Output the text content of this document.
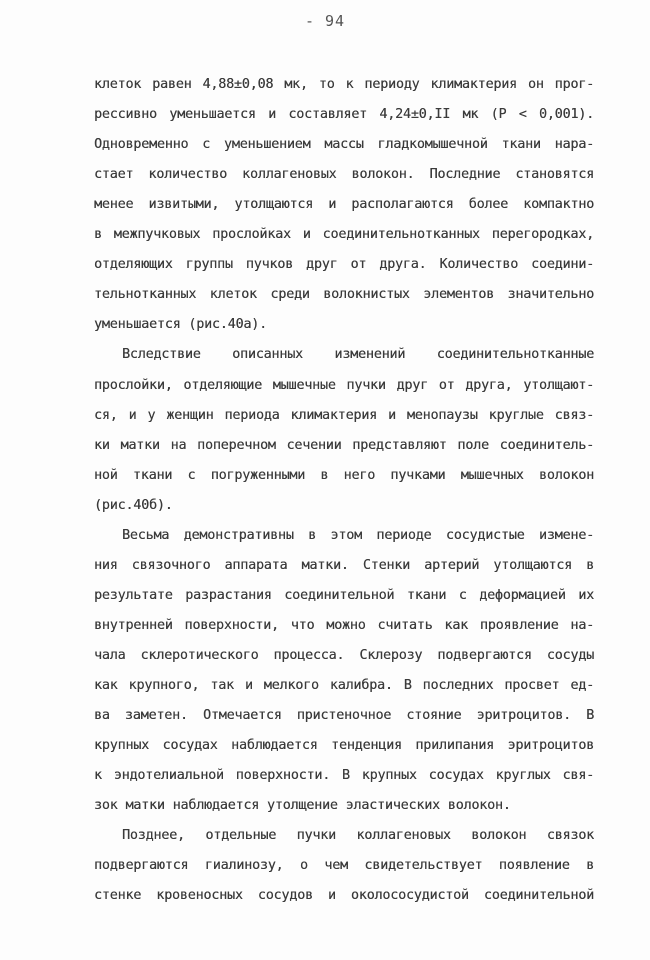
- 94
клеток равен 4,88±0,08 мк, то к периоду климактерия он прог-
рессивно уменьшается и составляет 4,24±0,II мк (Р < 0,001).
Одновременно с уменьшением массы гладкомышечной ткани нара-
стает количество коллагеновых волокон. Последние становятся
менее извитыми, утолщаются и располагаются более компактно
в межпучковых прослойках и соединительнотканных перегородках,
отделяющих группы пучков друг от друга. Количество соедини-
тельнотканных клеток среди волокнистых элементов значительно
уменьшается (рис.40а).
Вследствие описанных изменений соединительнотканные
прослойки, отделяющие мышечные пучки друг от друга, утолщают-
ся, и у женщин периода климактерия и менопаузы круглые связ-
ки матки на поперечном сечении представляют поле соединитель-
ной ткани с погруженными в него пучками мышечных волокон
(рис.40б).
Весьма демонстративны в этом периоде сосудистые измене-
ния связочного аппарата матки. Стенки артерий утолщаются в
результате разрастания соединительной ткани с деформацией их
внутренней поверхности, что можно считать как проявление на-
чала склеротического процесса. Склерозу подвергаются сосуды
как крупного, так и мелкого калибра. В последних просвет ед-
ва заметен. Отмечается пристеночное стояние эритроцитов. В
крупных сосудах наблюдается тенденция прилипания эритроцитов
к эндотелиальной поверхности. В крупных сосудах круглых свя-
зок матки наблюдается утолщение эластических волокон.
Позднее, отдельные пучки коллагеновых волокон связок
подвергаются гиалинозу, о чем свидетельствует появление в
стенке кровеносных сосудов и околососудистой соединительной
